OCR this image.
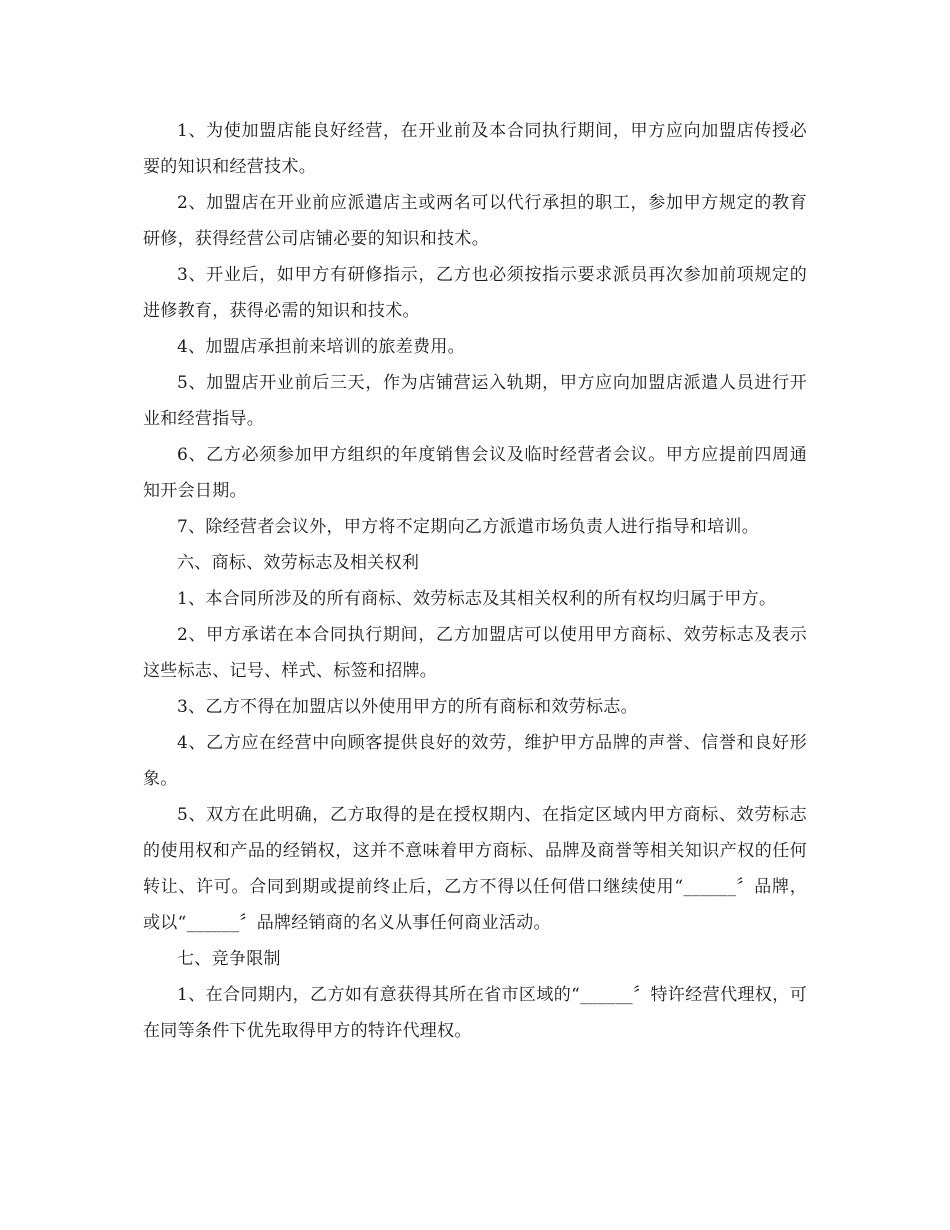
1、为使加盟店能良好经营，在开业前及本合同执行期间，甲方应向加盟店传授必要的知识和经营技术。

2、加盟店在开业前应派遣店主或两名可以代行承担的职工，参加甲方规定的教育研修，获得经营公司店铺必要的知识和技术。

3、开业后，如甲方有研修指示，乙方也必须按指示要求派员再次参加前项规定的进修教育，获得必需的知识和技术。

4、加盟店承担前来培训的旅差费用。

5、加盟店开业前后三天，作为店铺营运入轨期，甲方应向加盟店派遣人员进行开业和经营指导。

6、乙方必须参加甲方组织的年度销售会议及临时经营者会议。甲方应提前四周通知开会日期。

7、除经营者会议外，甲方将不定期向乙方派遣市场负责人进行指导和培训。

六、商标、效劳标志及相关权利

1、本合同所涉及的所有商标、效劳标志及其相关权利的所有权均归属于甲方。

2、甲方承诺在本合同执行期间，乙方加盟店可以使用甲方商标、效劳标志及表示这些标志、记号、样式、标签和招牌。

3、乙方不得在加盟店以外使用甲方的所有商标和效劳标志。

4、乙方应在经营中向顾客提供良好的效劳，维护甲方品牌的声誉、信誉和良好形象。

5、双方在此明确，乙方取得的是在授权期内、在指定区域内甲方商标、效劳标志的使用权和产品的经销权，这并不意味着甲方商标、品牌及商誉等相关知识产权的任何转让、许可。合同到期或提前终止后，乙方不得以任何借口继续使用“______〞品牌，或以“______〞品牌经销商的名义从事任何商业活动。

七、竞争限制

1、在合同期内，乙方如有意获得其所在省市区域的“______〞特许经营代理权，可在同等条件下优先取得甲方的特许代理权。
